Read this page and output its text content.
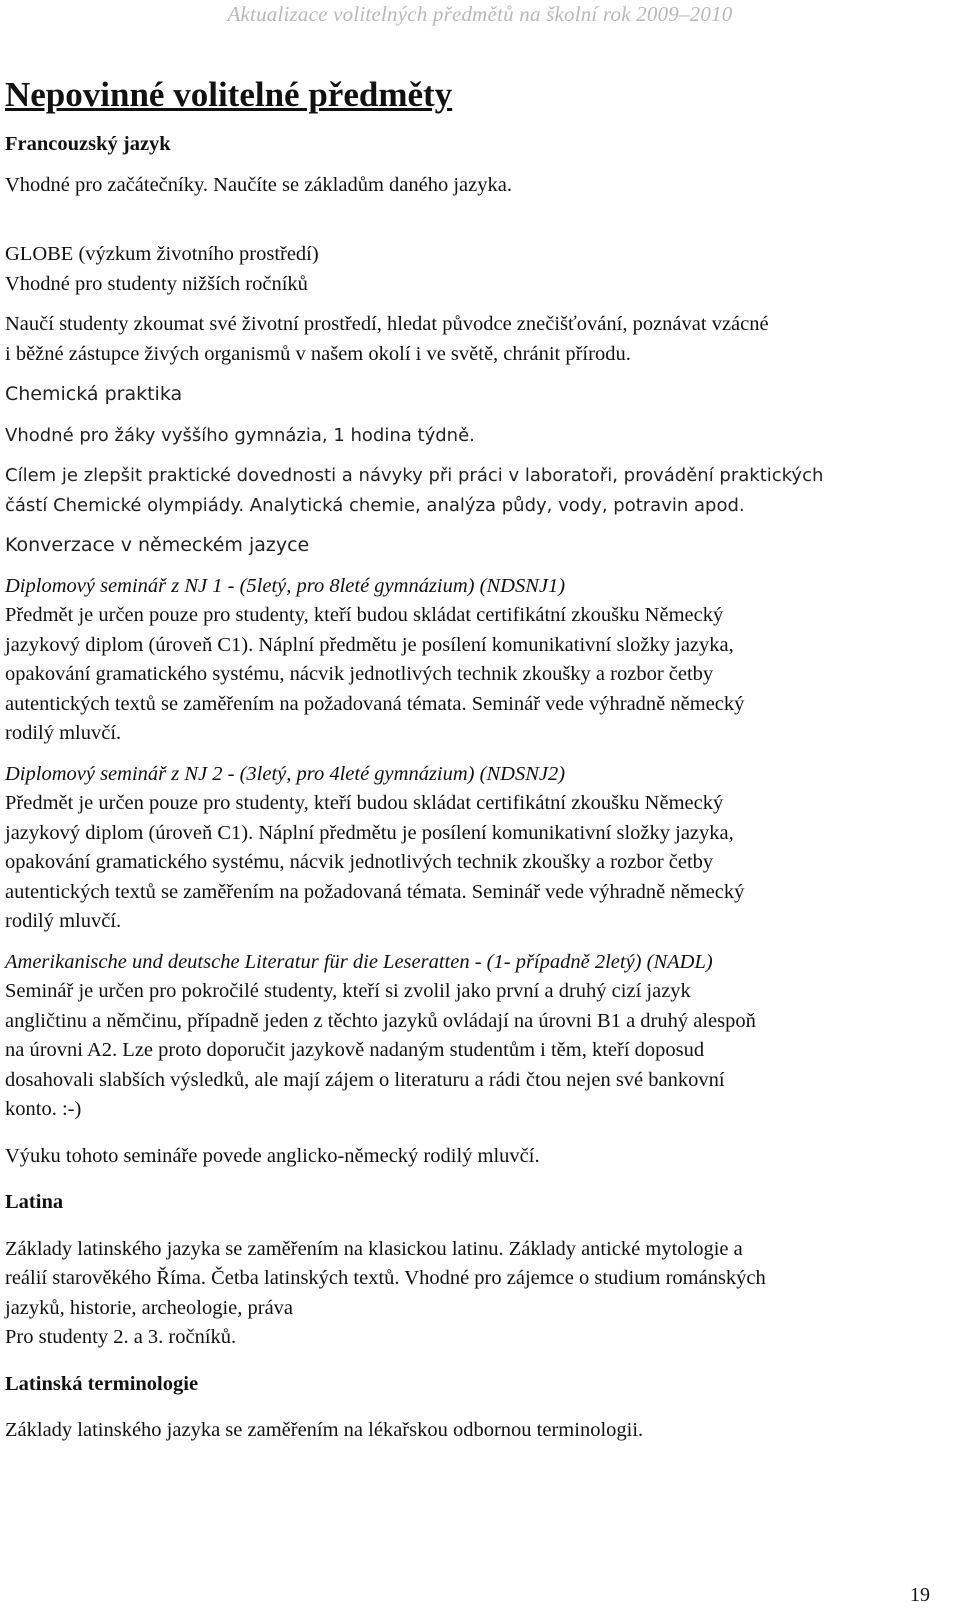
Aktualizace volitelných předmětů na školní rok 2009–2010
Nepovinné volitelné předměty

Francouzský jazyk

Vhodné pro začátečníky. Naučíte se základům daného jazyka.

GLOBE (výzkum životního prostředí)

Vhodné pro studenty nižších ročníků

Naučí studenty zkoumat své životní prostředí, hledat původce znečišťování, poznávat vzácné

i běžné zástupce živých organismů v našem okolí i ve světě, chránit přírodu.

Chemická praktika

Vhodné pro žáky vyššího gymnázia, 1 hodina týdně.

Cílem je zlepšit praktické dovednosti a návyky při práci v laboratoři, provádění praktických

částí Chemické olympiády. Analytická chemie, analýza půdy, vody, potravin apod.

Konverzace v německém jazyce

Diplomový seminář z NJ 1 - (5letý, pro 8leté gymnázium) (NDSNJ1)

Předmět je určen pouze pro studenty, kteří budou skládat certifikátní zkoušku Německý

jazykový diplom (úroveň C1). Náplní předmětu je posílení komunikativní složky jazyka,

opakování gramatického systému, nácvik jednotlivých technik zkoušky a rozbor četby

autentických textů se zaměřením na požadovaná témata. Seminář vede výhradně německý

rodilý mluvčí.

Diplomový seminář z NJ 2 - (3letý, pro 4leté gymnázium) (NDSNJ2)

Předmět je určen pouze pro studenty, kteří budou skládat certifikátní zkoušku Německý

jazykový diplom (úroveň C1). Náplní předmětu je posílení komunikativní složky jazyka,

opakování gramatického systému, nácvik jednotlivých technik zkoušky a rozbor četby

autentických textů se zaměřením na požadovaná témata. Seminář vede výhradně německý

rodilý mluvčí.

Amerikanische und deutsche Literatur für die Leseratten - (1- případně 2letý) (NADL)

Seminář je určen pro pokročilé studenty, kteří si zvolil jako první a druhý cizí jazyk

angličtinu a němčinu, případně jeden z těchto jazyků ovládají na úrovni B1 a druhý alespoň

na úrovni A2. Lze proto doporučit jazykově nadaným studentům i těm, kteří doposud

dosahovali slabších výsledků, ale mají zájem o literaturu a rádi čtou nejen své bankovní

konto. :-)

Výuku tohoto semináře povede anglicko-německý rodilý mluvčí.

Latina

Základy latinského jazyka se zaměřením na klasickou latinu. Základy antické mytologie a

reálií starověkého Říma. Četba latinských textů. Vhodné pro zájemce o studium románských

jazyků, historie, archeologie, práva

Pro studenty 2. a 3. ročníků.

Latinská terminologie

Základy latinského jazyka se zaměřením na lékařskou odbornou terminologii.

19
